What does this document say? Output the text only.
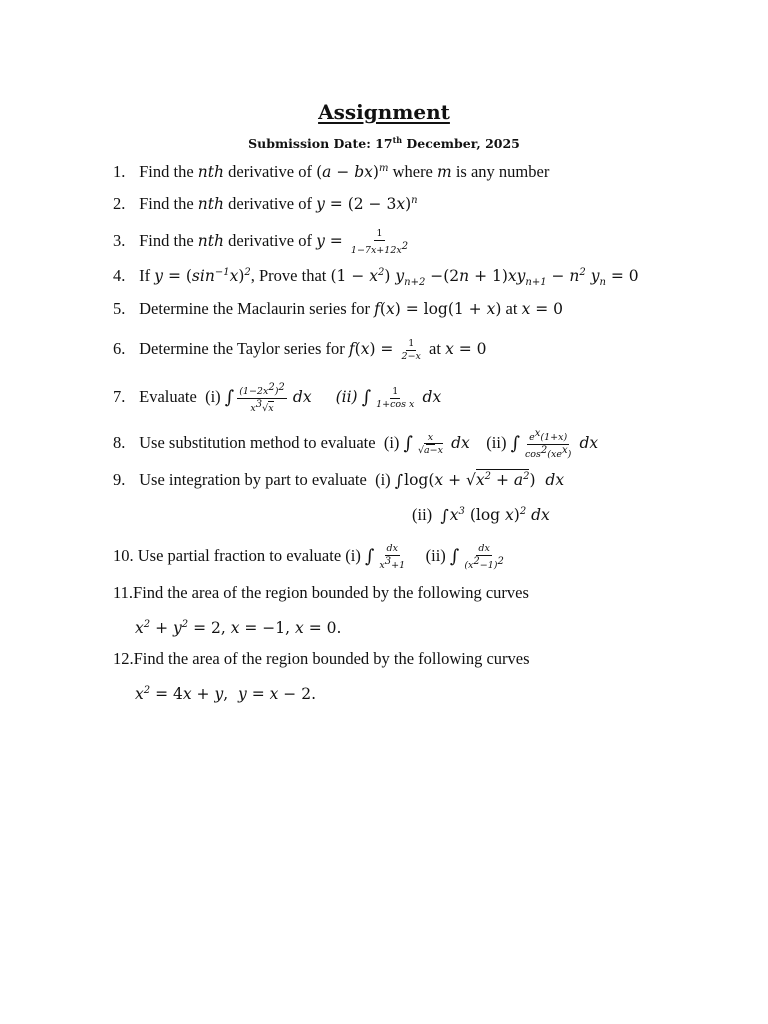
Assignment
Submission Date: 17th December, 2025
1. Find the nth derivative of (a − bx)$^m$ where m is any number
2. Find the nth derivative of $y = (2 - 3x)^n$
3. Find the nth derivative of $y = \frac{1}{1-7x+12x^2}$
4. If $y = (\sin^{-1}x)^2$, Prove that $(1 - x^2)$ $y_{n+2} -(2n + 1)xy_{n+1} - n^2$ $y_n = 0$
5. Determine the Maclaurin series for f(x) = log(1 + x) at x = 0
6. Determine the Taylor series for $f(x) = \frac{1}{2-x}$ at x = 0
7. Evaluate  (i) ∫ $\frac{(1-2x^2)^2}{x^3√x}$ dx (ii) ∫ $\frac{1}{\text{1+cos x}}$ dx
8. Use substitution method to evaluate  (i) ∫ $\frac{x}{√a-x}$ dx    (ii) ∫ $\frac{e^x(1+x)}{\cos^2(xe^x)}$ dx
9. Use integration by part to evaluate  (i) $\int\log(x + √x^2 + a^2)$  dx
(ii)  $\int x^3$ (log x)$^2$ dx
10. Use partial fraction to evaluate (i) ∫ $\frac{dx}{x^3+1} (ii)$ ∫ $\frac{dx}{(x^2-1)^2}$
11.Find the area of the region bounded by the following curves
$x^2 + y^2 = 2$, x = −1, x = 0.
12.Find the area of the region bounded by the following curves
$x^2 = 4x + y$,  y = x − 2.
